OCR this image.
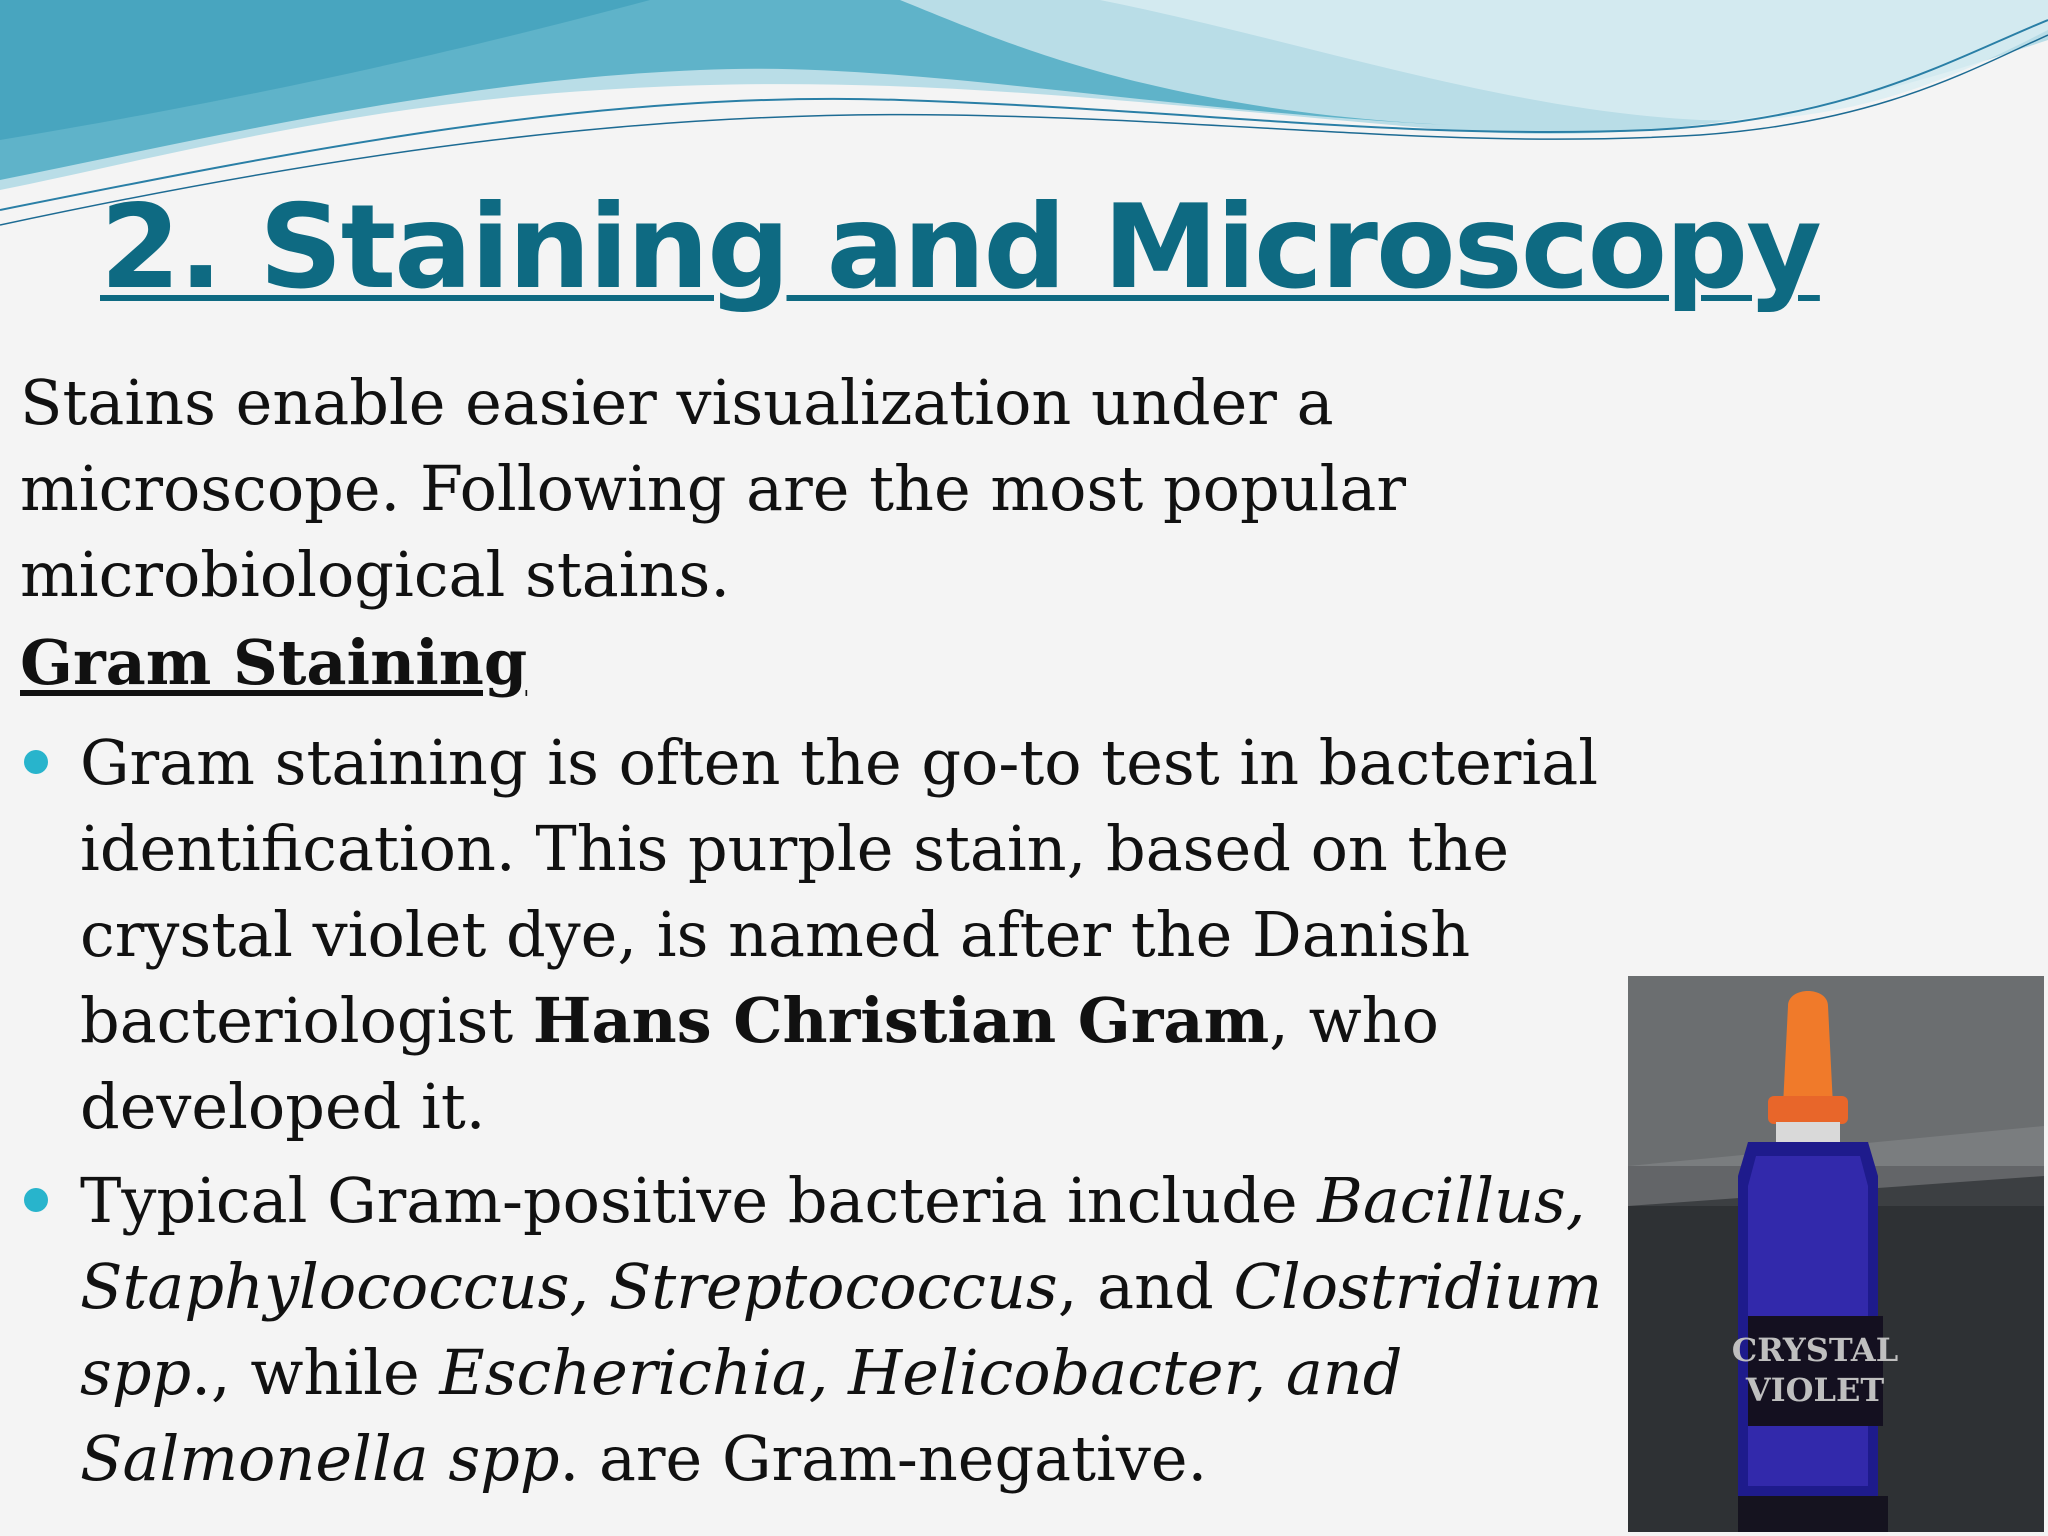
2. Staining and Microscopy

Stains enable easier visualization under a microscope. Following are the most popular microbiological stains.

Gram Staining

Gram staining is often the go-to test in bacterial identification. This purple stain, based on the crystal violet dye, is named after the Danish bacteriologist Hans Christian Gram, who developed it.

Typical Gram-positive bacteria include Bacillus, Staphylococcus, Streptococcus, and Clostridium spp., while Escherichia, Helicobacter, and Salmonella spp. are Gram-negative.

CRYSTAL
VIOLET
